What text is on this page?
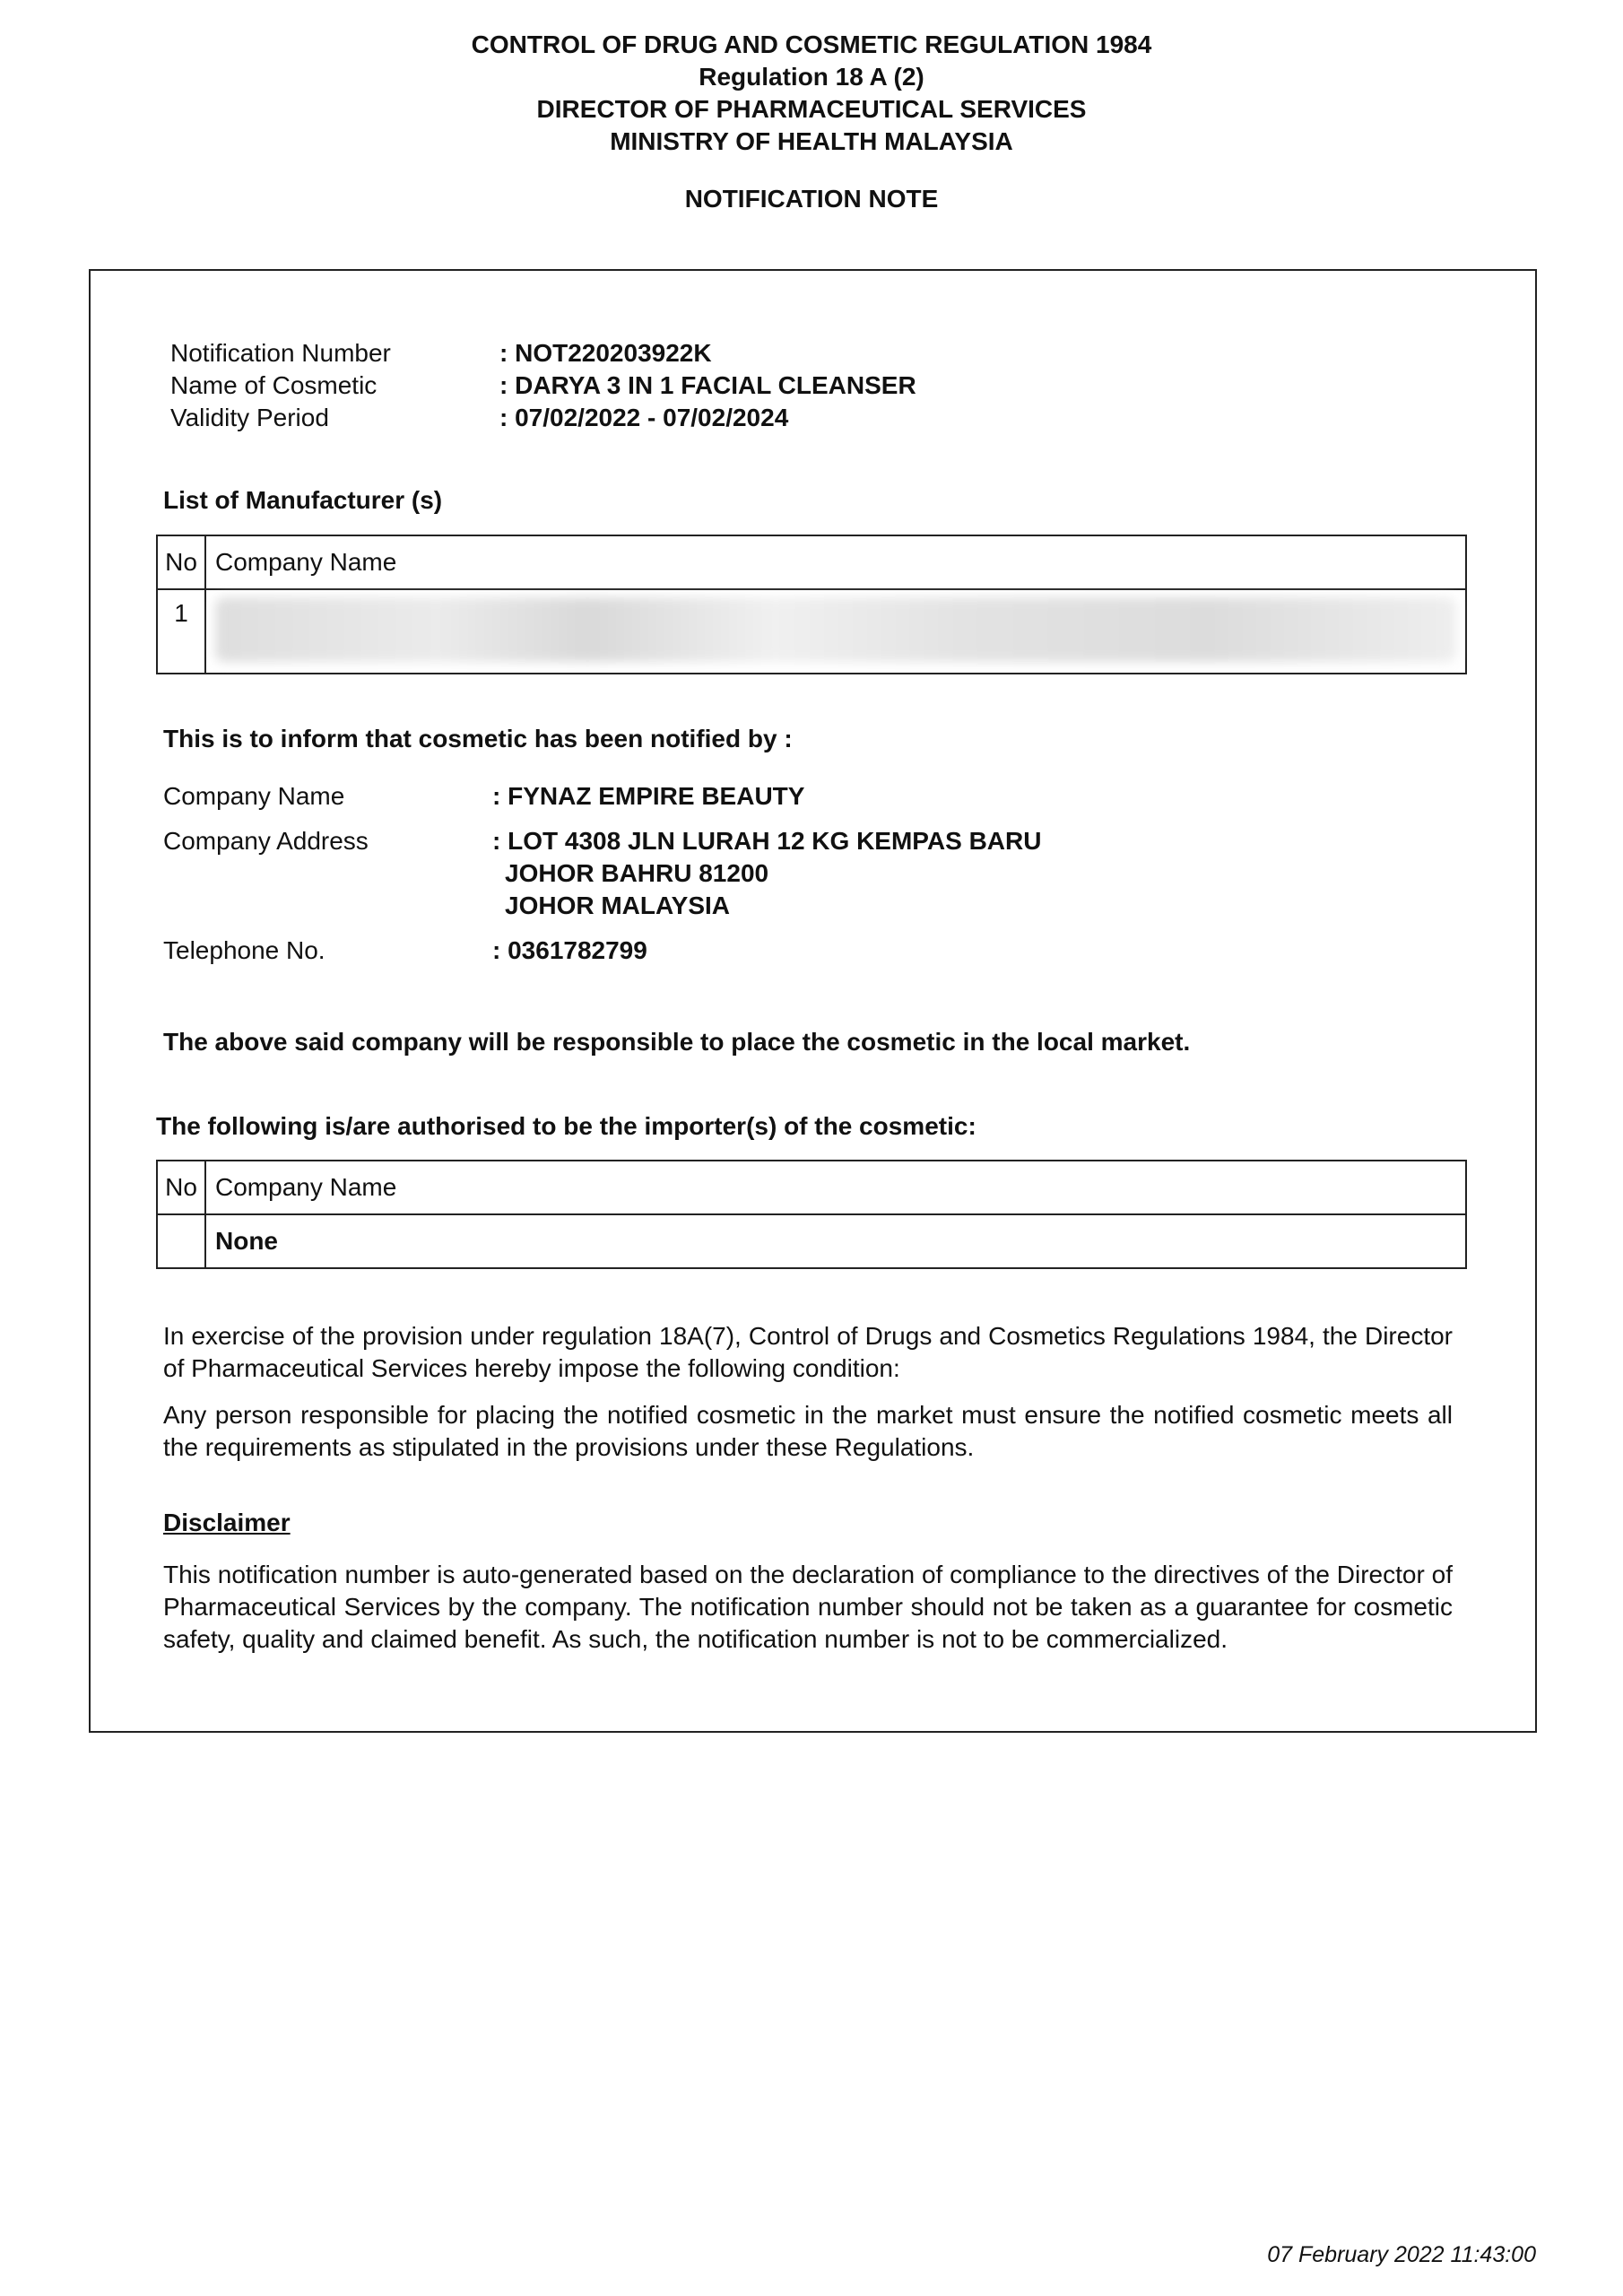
CONTROL OF DRUG AND COSMETIC REGULATION 1984
Regulation 18 A (2)
DIRECTOR OF PHARMACEUTICAL SERVICES
MINISTRY OF HEALTH MALAYSIA
NOTIFICATION NOTE
Notification Number	: NOT220203922K
Name of Cosmetic	: DARYA 3 IN 1 FACIAL CLEANSER
Validity Period	: 07/02/2022 - 07/02/2024
List of Manufacturer (s)
No	Company Name
1	
This is to inform that cosmetic has been notified by :
Company Name	: FYNAZ EMPIRE BEAUTY
Company Address	: LOT 4308 JLN LURAH 12 KG KEMPAS BARU
JOHOR BAHRU 81200
JOHOR MALAYSIA
Telephone No.	: 0361782799
The above said company will be responsible to place the cosmetic in the local market.
The following is/are authorised to be the importer(s) of the cosmetic:
No	Company Name
	None
In exercise of the provision under regulation 18A(7), Control of Drugs and Cosmetics Regulations 1984, the Director of Pharmaceutical Services hereby impose the following condition:
Any person responsible for placing the notified cosmetic in the market must ensure the notified cosmetic meets all the requirements as stipulated in the provisions under these Regulations.
Disclaimer
This notification number is auto-generated based on the declaration of compliance to the directives of the Director of Pharmaceutical Services by the company. The notification number should not be taken as a guarantee for cosmetic safety, quality and claimed benefit. As such, the notification number is not to be commercialized.
07 February 2022 11:43:00
